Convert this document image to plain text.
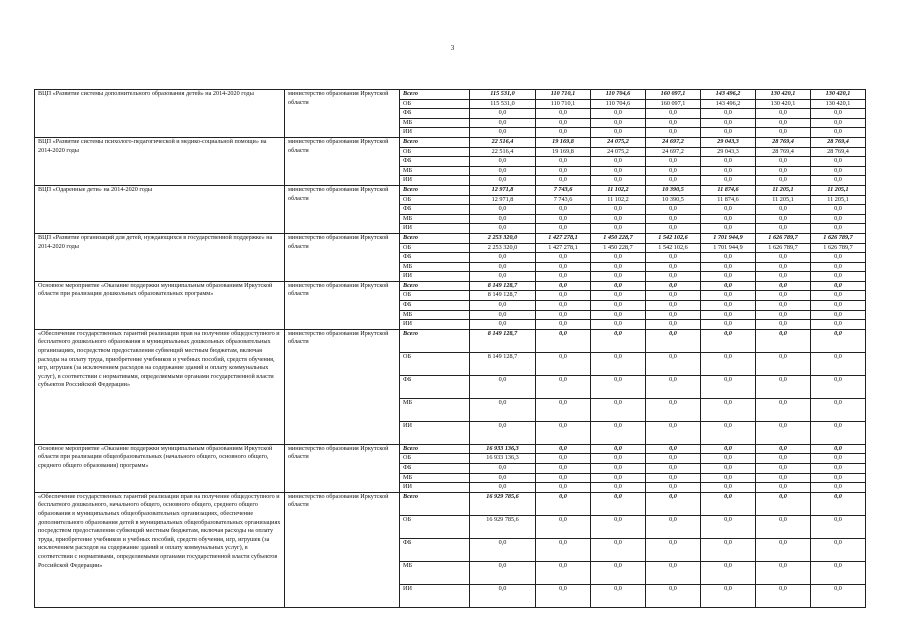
3
ВЦП «Развитие системы дополнительного образования детей» на 2014-2020 годы	министерство образования Иркутской области	Всего	115 531,0	110 710,1	110 704,6	160 097,1	143 496,2	130 420,1	130 420,1
		ОБ	115 531,0	110 710,1	110 704,6	160 097,1	143 496,2	130 420,1	130 420,1
		ФБ	0,0	0,0	0,0	0,0	0,0	0,0	0,0
		МБ	0,0	0,0	0,0	0,0	0,0	0,0	0,0
		ИИ	0,0	0,0	0,0	0,0	0,0	0,0	0,0
ВЦП «Развитие системы психолого-педагогической и медико-социальной помощи» на 2014-2020 годы	министерство образования Иркутской области	Всего	22 516,4	19 169,8	24 075,2	24 697,2	29 043,3	28 769,4	28 769,4
		ОБ	22 516,4	19 169,8	24 075,2	24 697,2	29 043,3	28 769,4	28 769,4
		ФБ	0,0	0,0	0,0	0,0	0,0	0,0	0,0
		МБ	0,0	0,0	0,0	0,0	0,0	0,0	0,0
		ИИ	0,0	0,0	0,0	0,0	0,0	0,0	0,0
ВЦП «Одаренные дети» на 2014-2020 годы	министерство образования Иркутской области	Всего	12 971,8	7 743,6	11 102,2	10 390,5	11 874,6	11 205,1	11 205,1
		ОБ	12 971,8	7 743,6	11 102,2	10 390,5	11 874,6	11 205,1	11 205,1
		ФБ	0,0	0,0	0,0	0,0	0,0	0,0	0,0
		МБ	0,0	0,0	0,0	0,0	0,0	0,0	0,0
		ИИ	0,0	0,0	0,0	0,0	0,0	0,0	0,0
ВЦП «Развитие организаций для детей, нуждающихся в государственной поддержке» на 2014-2020 годы	министерство образования Иркутской области	Всего	2 253 320,0	1 427 278,1	1 450 228,7	1 542 102,6	1 701 944,9	1 626 789,7	1 626 789,7
		ОБ	2 253 320,0	1 427 278,1	1 450 228,7	1 542 102,6	1 701 944,9	1 626 789,7	1 626 789,7
		ФБ	0,0	0,0	0,0	0,0	0,0	0,0	0,0
		МБ	0,0	0,0	0,0	0,0	0,0	0,0	0,0
		ИИ	0,0	0,0	0,0	0,0	0,0	0,0	0,0
Основное мероприятие «Оказание поддержки муниципальным образованиям Иркутской области при реализации дошкольных образовательных программ»	министерство образования Иркутской области	Всего	8 149 128,7	0,0	0,0	0,0	0,0	0,0	0,0
		ОБ	8 149 128,7	0,0	0,0	0,0	0,0	0,0	0,0
		ФБ	0,0	0,0	0,0	0,0	0,0	0,0	0,0
		МБ	0,0	0,0	0,0	0,0	0,0	0,0	0,0
		ИИ	0,0	0,0	0,0	0,0	0,0	0,0	0,0
«Обеспечение государственных гарантий реализации прав на получение общедоступного и бесплатного дошкольного образования в муниципальных дошкольных образовательных организациях, посредством предоставления субвенций местным бюджетам, включая расходы на оплату труда, приобретение учебников и учебных пособий, средств обучения, игр, игрушек (за исключением расходов на содержание зданий и оплату коммунальных услуг), в соответствии с нормативами, определяемыми органами государственной власти субъектов Российской Федерации»	министерство образования Иркутской области	Всего	8 149 128,7	0,0	0,0	0,0	0,0	0,0	0,0
		ОБ	8 149 128,7	0,0	0,0	0,0	0,0	0,0	0,0
		ФБ	0,0	0,0	0,0	0,0	0,0	0,0	0,0
		МБ	0,0	0,0	0,0	0,0	0,0	0,0	0,0
		ИИ	0,0	0,0	0,0	0,0	0,0	0,0	0,0
Основное мероприятие «Оказание поддержки муниципальным образованиям Иркутской области при реализации общеобразовательных (начального общего, основного общего, среднего общего образования) программ»	министерство образования Иркутской области	Всего	16 933 136,3	0,0	0,0	0,0	0,0	0,0	0,0
		ОБ	16 933 136,3	0,0	0,0	0,0	0,0	0,0	0,0
		ФБ	0,0	0,0	0,0	0,0	0,0	0,0	0,0
		МБ	0,0	0,0	0,0	0,0	0,0	0,0	0,0
		ИИ	0,0	0,0	0,0	0,0	0,0	0,0	0,0
«Обеспечение государственных гарантий реализации прав на получение общедоступного и бесплатного дошкольного, начального общего, основного общего, среднего общего образования в муниципальных общеобразовательных организациях, обеспечение дополнительного образования детей в муниципальных общеобразовательных организациях посредством предоставления субвенций местным бюджетам, включая расходы на оплату труда, приобретение учебников и учебных пособий, средств обучения, игр, игрушек (за исключением расходов на содержание зданий и оплату коммунальных услуг), в соответствии с нормативами, определяемыми органами государственной власти субъектов Российской Федерации»	министерство образования Иркутской области	Всего	16 929 785,6	0,0	0,0	0,0	0,0	0,0	0,0
		ОБ	16 929 785,6	0,0	0,0	0,0	0,0	0,0	0,0
		ФБ	0,0	0,0	0,0	0,0	0,0	0,0	0,0
		МБ	0,0	0,0	0,0	0,0	0,0	0,0	0,0
		ИИ	0,0	0,0	0,0	0,0	0,0	0,0	0,0
